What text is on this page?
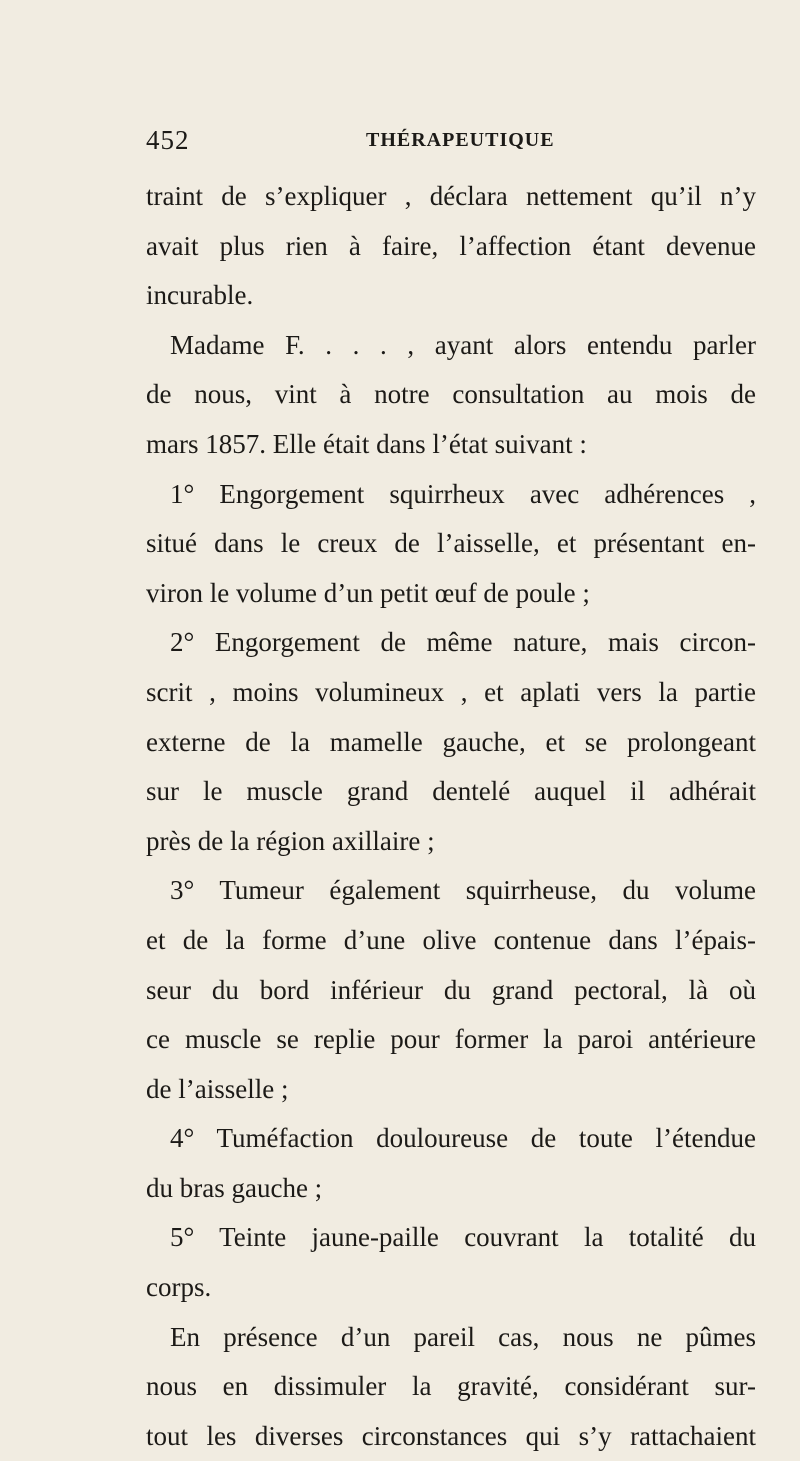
452	THÉRAPEUTIQUE
traint de s’expliquer , déclara nettement qu’il n’y
avait plus rien à faire, l’affection étant devenue
incurable.
Madame F. . . . , ayant alors entendu parler
de nous, vint à notre consultation au mois de
mars 1857. Elle était dans l’état suivant :
1° Engorgement squirrheux avec adhérences ,
situé dans le creux de l’aisselle, et présentant en-
viron le volume d’un petit œuf de poule ;
2° Engorgement de même nature, mais circon-
scrit , moins volumineux , et aplati vers la partie
externe de la mamelle gauche, et se prolongeant
sur le muscle grand dentelé auquel il adhérait
près de la région axillaire ;
3° Tumeur également squirrheuse, du volume
et de la forme d’une olive contenue dans l’épais-
seur du bord inférieur du grand pectoral, là où
ce muscle se replie pour former la paroi antérieure
de l’aisselle ;
4° Tuméfaction douloureuse de toute l’étendue
du bras gauche ;
5° Teinte jaune-paille couvrant la totalité du
corps.
En présence d’un pareil cas, nous ne pûmes
nous en dissimuler la gravité, considérant sur-
tout les diverses circonstances qui s’y rattachaient
